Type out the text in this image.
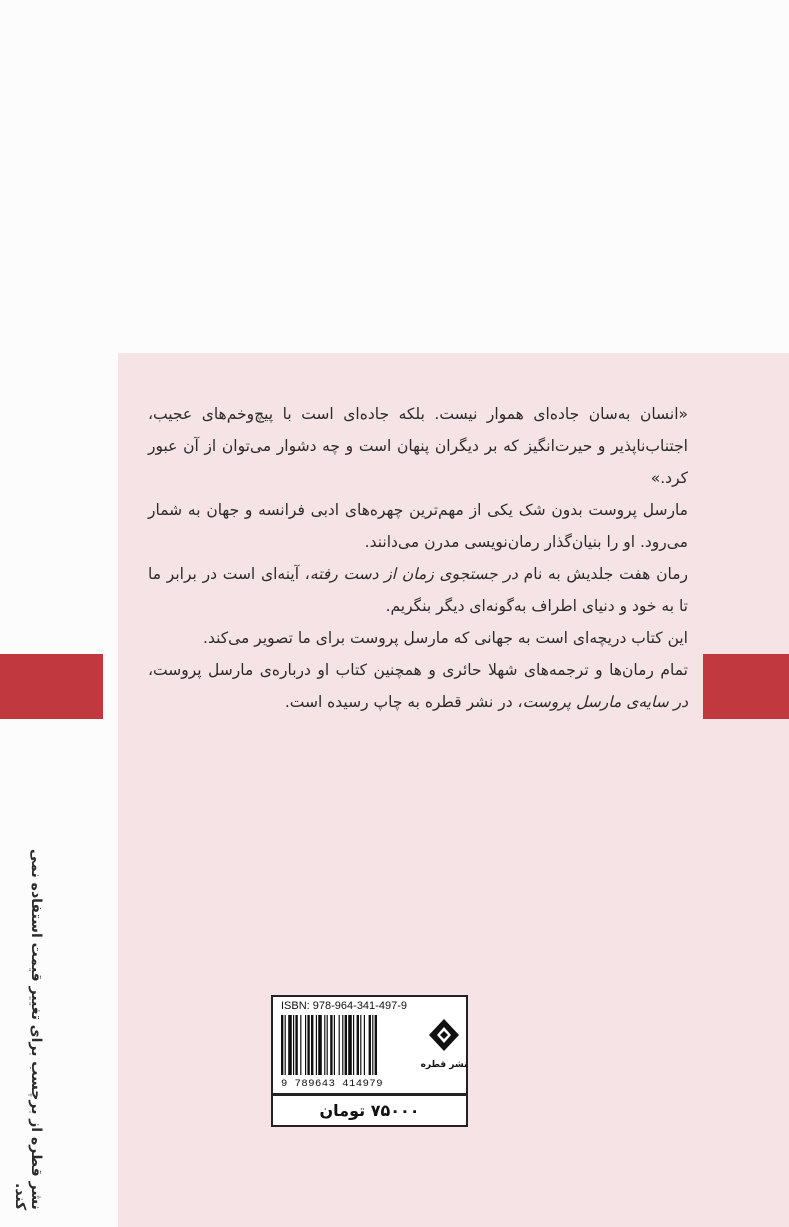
«انسان به‌سان جاده‌ای هموار نیست. بلکه جاده‌ای است با پیچ‌وخم‌های عجیب، اجتناب‌ناپذیر و حیرت‌انگیز که بر دیگران پنهان است و چه دشوار می‌توان از آن عبور کرد.»

مارسل پروست بدون شک یکی از مهم‌ترین چهره‌های ادبی فرانسه و جهان به شمار می‌رود. او را بنیان‌گذار رمان‌نویسی مدرن می‌دانند.

رمان هفت جلدیش به نام در جستجوی زمان از دست رفته، آینه‌ای است در برابر ما تا به خود و دنیای اطراف به‌گونه‌ای دیگر بنگریم.

این کتاب دریچه‌ای است به جهانی که مارسل پروست برای ما تصویر می‌کند.

تمام رمان‌ها و ترجمه‌های شهلا حائری و همچنین کتاب او درباره‌ی مارسل پروست، در سایه‌ی مارسل پروست، در نشر قطره به چاپ رسیده است.

نشر قطره از برچسب برای تغییر قیمت استفاده نمی کند.
ISBN: 978-964-341-497-9
9 789643 414979
نشر قطره
۷۵۰۰۰ تومان
